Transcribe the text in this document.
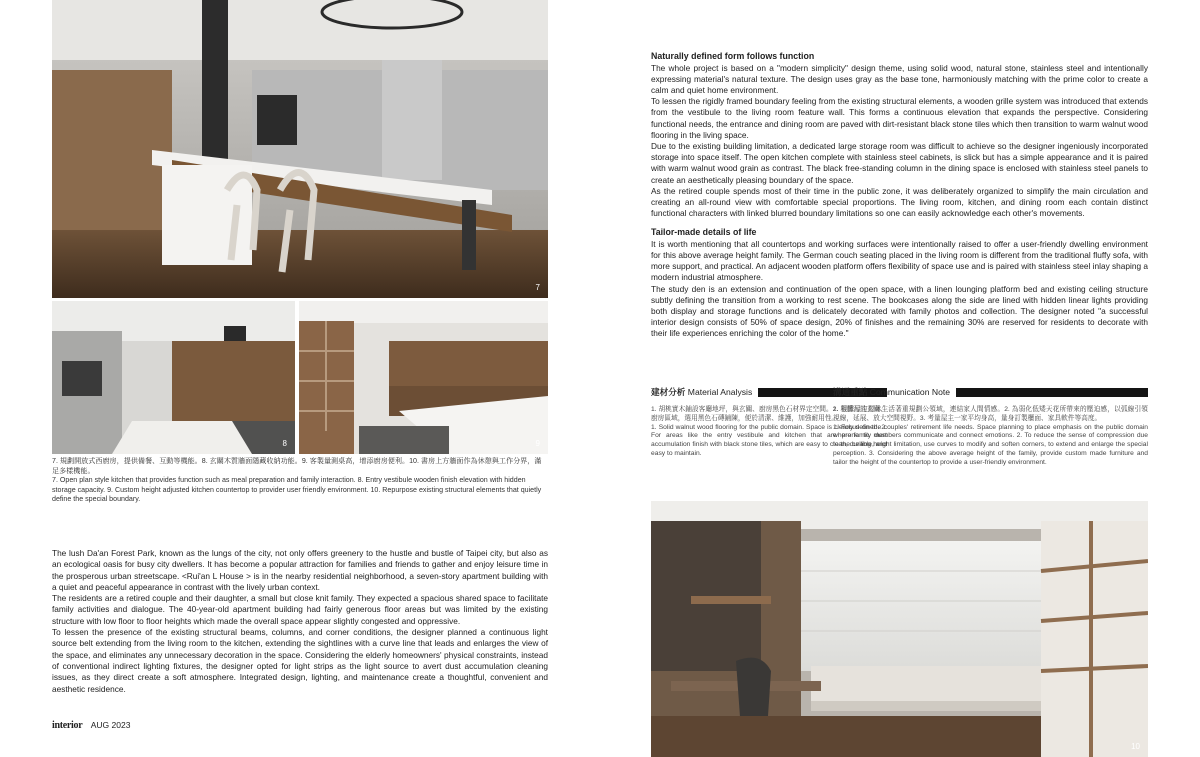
7
8	9

7. 規劃開放式西廚房，提供備餐、互動等機能。8. 玄關木質牆面隱藏收納功能。9. 客製量測桌高，增添廚房便利。10. 書房上方牆面作為休憩與工作分界，滿足多樣機能。

7. Open plan style kitchen that provides function such as meal preparation and family interaction. 8. Entry vestibule wooden finish elevation with hidden storage capacity. 9. Custom height adjusted kitchen countertop to provider user friendly environment. 10. Repurpose existing structural elements that quietly define the special boundary.

The lush Da'an Forest Park, known as the lungs of the city, not only offers greenery to the hustle and bustle of Taipei city, but also as an ecological oasis for busy city dwellers. It has become a popular attraction for families and friends to gather and enjoy leisure time in the prosperous urban streetscape. <Rui'an L House > is in the nearby residential neighborhood, a seven-story apartment building with a quiet and peaceful appearance in contrast with the lively urban context.

The residents are a retired couple and their daughter, a small but close knit family. They expected a spacious shared space to facilitate family activities and dialogue. The 40-year-old apartment building had fairly generous floor areas but was limited by the existing structure with low floor to floor heights which made the overall space appear slightly congested and oppressive.

To lessen the presence of the existing structural beams, columns, and corner conditions, the designer planned a continuous light source belt extending from the living room to the kitchen, extending the sightlines with a curve line that leads and enlarges the view of the space, and eliminates any unnecessary decoration in the space. Considering the elderly homeowners' physical constraints, instead of conventional indirect lighting fixtures, the designer opted for light strips as the light source to avert dust accumulation cleaning issues, as they direct create a soft atmosphere. Integrated design, lighting, and maintenance create a thoughtful, convenient and aesthetic residence.

interior AUG 2023
Naturally defined form follows function

The whole project is based on a "modern simplicity" design theme, using solid wood, natural stone, stainless steel and intentionally expressing material's natural texture. The design uses gray as the base tone, harmoniously matching with the prime color to create a calm and quiet home environment.

To lessen the rigidly framed boundary feeling from the existing structural elements, a wooden grille system was introduced that extends from the vestibule to the living room feature wall. This forms a continuous elevation that expands the perspective. Considering functional needs, the entrance and dining room are paved with dirt-resistant black stone tiles which then transition to warm walnut wood flooring in the living space.

Due to the existing building limitation, a dedicated large storage room was difficult to achieve so the designer ingeniously incorporated storage into space itself. The open kitchen complete with stainless steel cabinets, is slick but has a simple appearance and it is paired with warm walnut wood grain as contrast. The black free-standing column in the dining space is enclosed with stainless steel panels to create an aesthetically pleasing boundary of the space.

As the retired couple spends most of their time in the public zone, it was deliberately organized to simplify the main circulation and creating an all-round view with comfortable special proportions. The living room, kitchen, and dining room each contain distinct functional characters with linked blurred boundary limitations so one can easily acknowledge each other's movements.

Tailor-made details of life

It is worth mentioning that all countertops and working surfaces were intentionally raised to offer a user-friendly dwelling environment for this above average height family. The German couch seating placed in the living room is different from the traditional fluffy sofa, with more support, and practical. An adjacent wooden platform offers flexibility of space use and is paired with stainless steel inlay shaping a modern industrial atmosphere.

The study den is an extension and continuation of the open space, with a linen lounging platform bed and existing ceiling structure subtly defining the transition from a working to rest scene. The bookcases along the side are lined with hidden linear lights providing both display and storage functions and is delicately decorated with family photos and collection. The designer noted "a successful interior design consists of 50% of space design, 20% of finishes and the remaining 30% are reserved for residents to decorate with their life experiences enriching the color of the home."

建材分析 Material Analysis

1. 胡桃實木鋪設客廳地坪，與玄關、廚房黑色石材界定空間。2. 易髒污的玄關、廚房區域，選用黑色石磚鋪陳，便於清潔、維護，加強耐用性。

1. Solid walnut wood flooring for the public domain. Space is clearly defined. 2. For areas like the entry vestibule and kitchen that are prone to dust accumulation finish with black stone tiles, which are easy to clean, durable, and easy to maintain.

溝通重點 Communication Note

1. 根據屋主退休生活著重規劃公領域，連結家人間情感。2. 為弱化低矮天花所帶來的壓迫感，以弧線引領視線，延展、放大空間視野。3. 考量屋主一家平均身高，量身訂製櫃面、家具軟件等高度。

1. Focus on the couples' retirement life needs. Space planning to place emphasis on the public domain where family members communicate and connect emotions. 2. To reduce the sense of compression due to the ceiling height limitation, use curves to modify and soften corners, to extend and enlarge the special perception. 3. Considering the above average height of the family, provide custom made furniture and tailor the height of the countertop to provide a user-friendly environment.

10
